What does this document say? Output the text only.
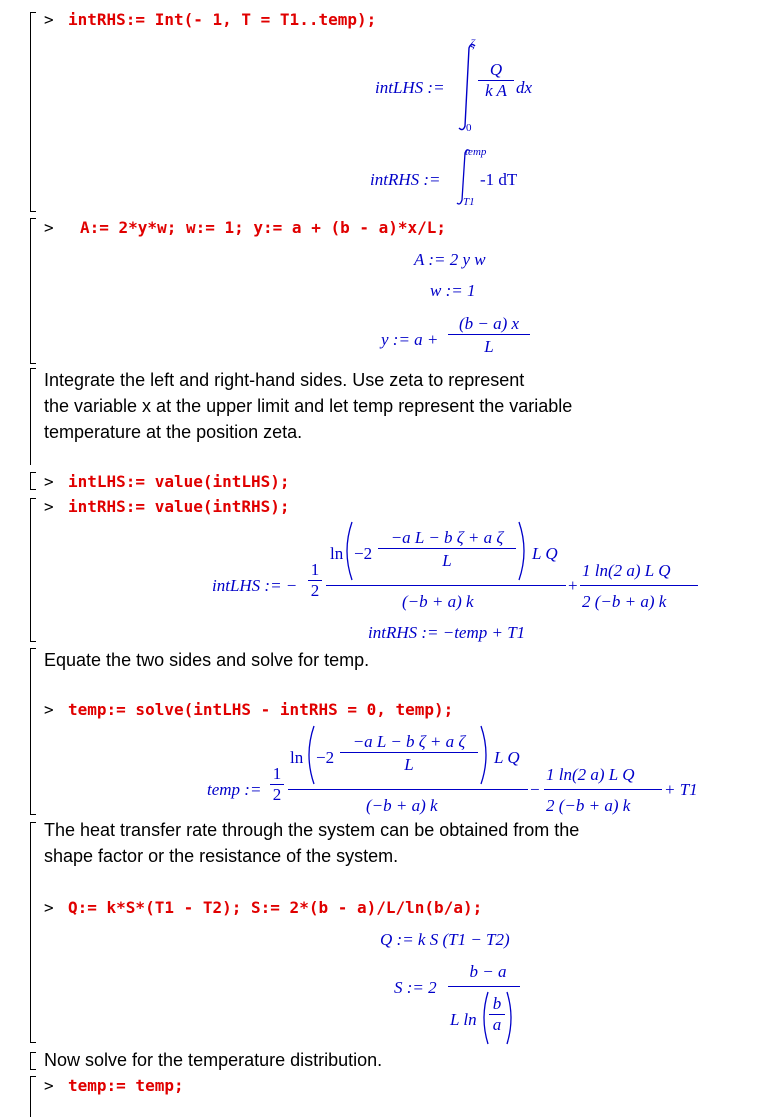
> intRHS:= Int(- 1, T = T1..temp);
intLHS :=
ζ
0
$\frac{Q}{\text{k A}}$ dx
intRHS :=
temp
T1
-1 dT
> A:= 2*y*w; w:= 1; y:= a + (b - a)*x/L;
A := 2 y w
w := 1
y := $a + \frac{(b - a) x}{L}$
Integrate the left and right-hand sides. Use zeta to represent
the variable x at the upper limit and let temp represent the variable
temperature at the position zeta.
> intLHS:= value(intLHS);
> intRHS:= value(intRHS);
intLHS := − $\frac{1}{2}$
$\ln -2 \frac{\text{−a L − b ζ + a ζ}}{L}$ L Q
(−b + a) k
+
1 ln(2 a) L Q
2 (−b + a) k
intRHS := −temp + T1
Equate the two sides and solve for temp.
> temp:= solve(intLHS - intRHS = 0, temp);
temp := $\frac{1}{2}$
$\ln -2 \frac{\text{−a L − b ζ + a ζ}}{L}$ L Q
(−b + a) k
−
1 ln(2 a) L Q
2 (−b + a) k
+ T1
The heat transfer rate through the system can be obtained from the
shape factor or the resistance of the system.
> Q:= k*S*(T1 - T2); S:= 2*(b - a)/L/ln(b/a);
Q := k S (T1 − T2)
S := 2
b − a
L $\ln \frac{b}{a}$
Now solve for the temperature distribution.
> temp:= temp;
